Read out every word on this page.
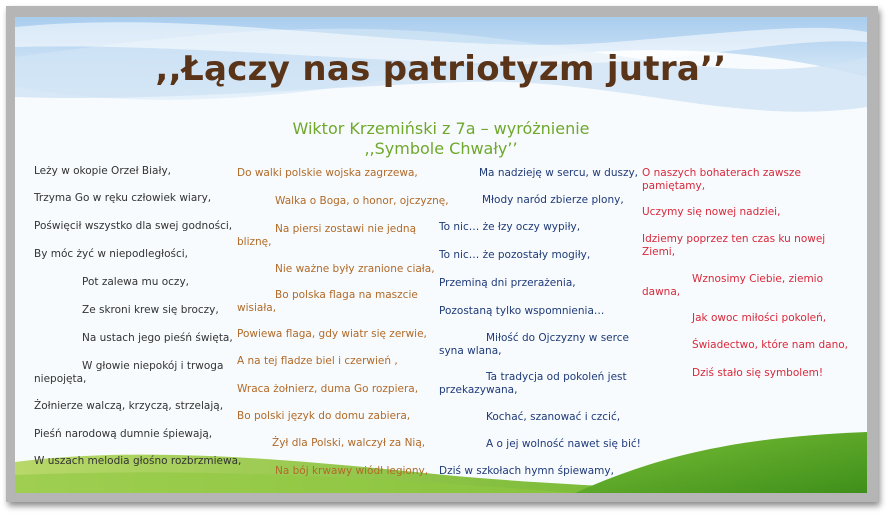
,,Łączy nas patriotyzm jutra’’
Wiktor Krzemiński z 7a – wyróżnienie
,,Symbole Chwały’’
Leży w okopie Orzeł Biały,
Trzyma Go w ręku człowiek wiary,
Poświęcił wszystko dla swej godności,
By móc żyć w niepodległości,
Pot zalewa mu oczy,
Ze skroni krew się broczy,
Na ustach jego pieśń święta,
W głowie niepokój i trwoga
niepojęta,
Żołnierze walczą, krzyczą, strzelają,
Pieśń narodową dumnie śpiewają,
W uszach melodia głośno rozbrzmiewa,
Do walki polskie wojska zagrzewa,
Walka o Boga, o honor, ojczyznę,
Na piersi zostawi nie jedną
bliznę,
Nie ważne były zranione ciała,
Bo polska flaga na maszcie
wisiała,
Powiewa flaga, gdy wiatr się zerwie,
A na tej fladze biel i czerwień ,
Wraca żołnierz, duma Go rozpiera,
Bo polski język do domu zabiera,
Żył dla Polski, walczył za Nią,
Na bój krwawy wiódł legiony,
Ma nadzieję w sercu, w duszy,
Młody naród zbierze plony,
To nic… że łzy oczy wypiły,
To nic… że pozostały mogiły,
Przeminą dni przerażenia,
Pozostaną tylko wspomnienia…
Miłość do Ojczyzny w serce
syna wlana,
Ta tradycja od pokoleń jest
przekazywana,
Kochać, szanować i czcić,
A o jej wolność nawet się bić!
Dziś w szkołach hymn śpiewamy,
O naszych bohaterach zawsze pamiętamy,
Uczymy się nowej nadziei,
Idziemy poprzez ten czas ku nowej Ziemi,
Wznosimy Ciebie, ziemio
dawna,
Jak owoc miłości pokoleń,
Świadectwo, które nam dano,
Dziś stało się symbolem!
